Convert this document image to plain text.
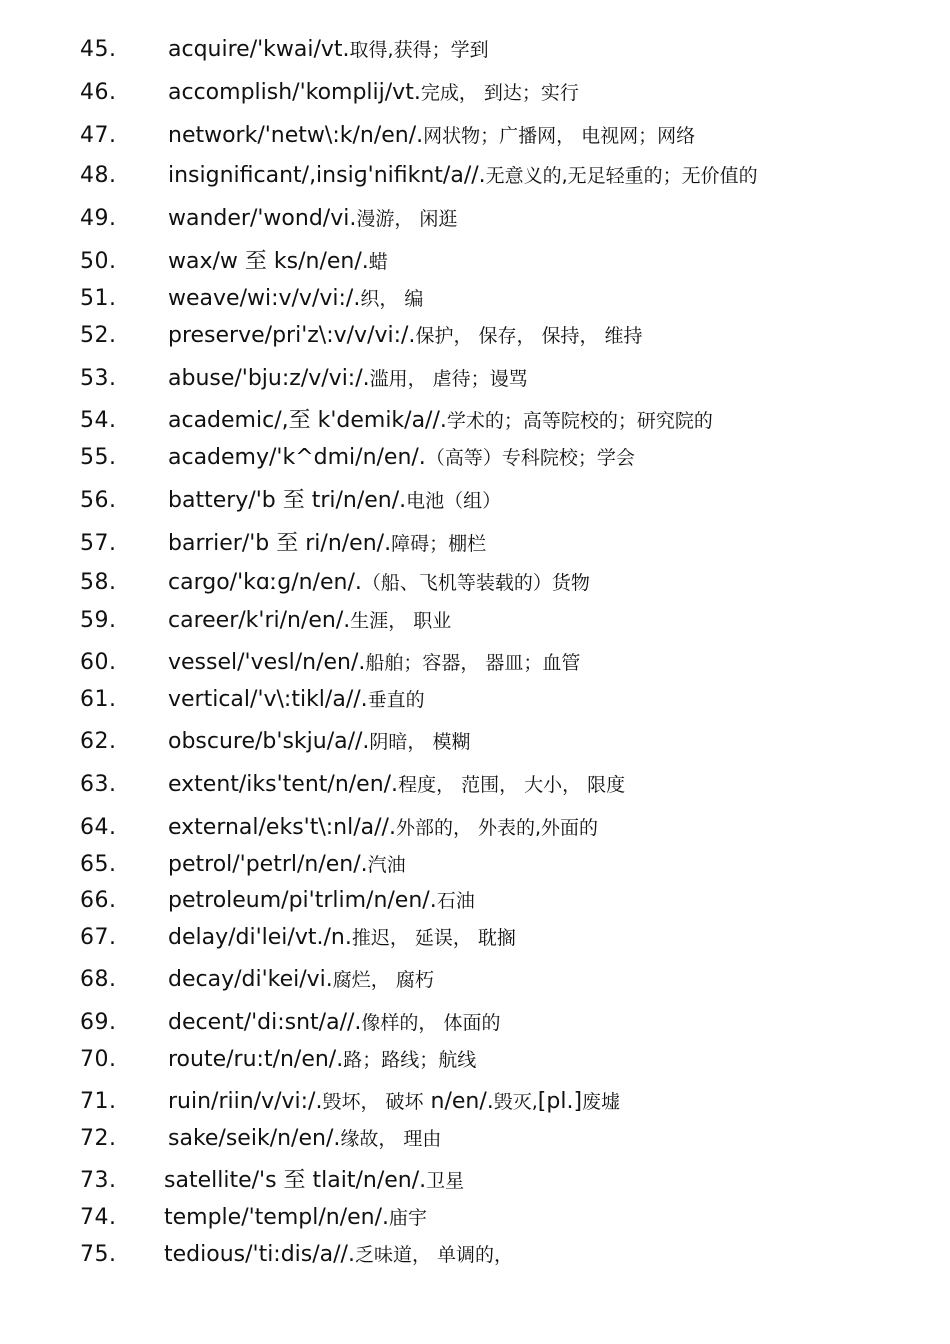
45. acquire/'kwai/vt.取得,获得；学到
46. accomplish/'komplij/vt.完成， 到达；实行
47. network/'netw\:k/n/en/.网状物；广播网， 电视网；网络
48. insignificant/,insiɡ'nifiknt/a//.无意义的,无足轻重的；无价值的
49. wander/'wond/vi.漫游， 闲逛
50. wax/w 至 ks/n/en/.蜡
51. weave/wi:v/v/vi:/.织， 编
52. preserve/pri'z\:v/v/vi:/.保护， 保存， 保持， 维持
53. abuse/'bju:z/v/vi:/.滥用， 虐待；谩骂
54. academic/,至 k'demik/a//.学术的；高等院校的；研究院的
55. academy/'k^dmi/n/en/.（高等）专科院校；学会
56. battery/'b 至 tri/n/en/.电池（组）
57. barrier/'b 至 ri/n/en/.障碍；棚栏
58. cargo/'kɑːɡ/n/en/.（船、飞机等装载的）货物
59. career/k'ri/n/en/.生涯， 职业
60. vessel/'vesl/n/en/.船舶；容器， 器皿；血管
61. vertical/'v\:tikl/a//.垂直的
62. obscure/b'skju/a//.阴暗， 模糊
63. extent/iks'tent/n/en/.程度， 范围， 大小， 限度
64. external/eks't\:nl/a//.外部的， 外表的,外面的
65. petrol/'petrl/n/en/.汽油
66. petroleum/pi'trlim/n/en/.石油
67. delay/di'lei/vt./n.推迟， 延误， 耽搁
68. decay/di'kei/vi.腐烂， 腐朽
69. decent/'di:snt/a//.像样的， 体面的
70. route/ru:t/n/en/.路；路线；航线
71. ruin/riin/v/vi:/.毁坏， 破坏 n/en/.毁灭,[pl.]废墟
72. sake/seik/n/en/.缘故， 理由
73. satellite/'s 至 tlait/n/en/.卫星
74. temple/'templ/n/en/.庙宇
75. tedious/'ti:dis/a//.乏味道， 单调的，
